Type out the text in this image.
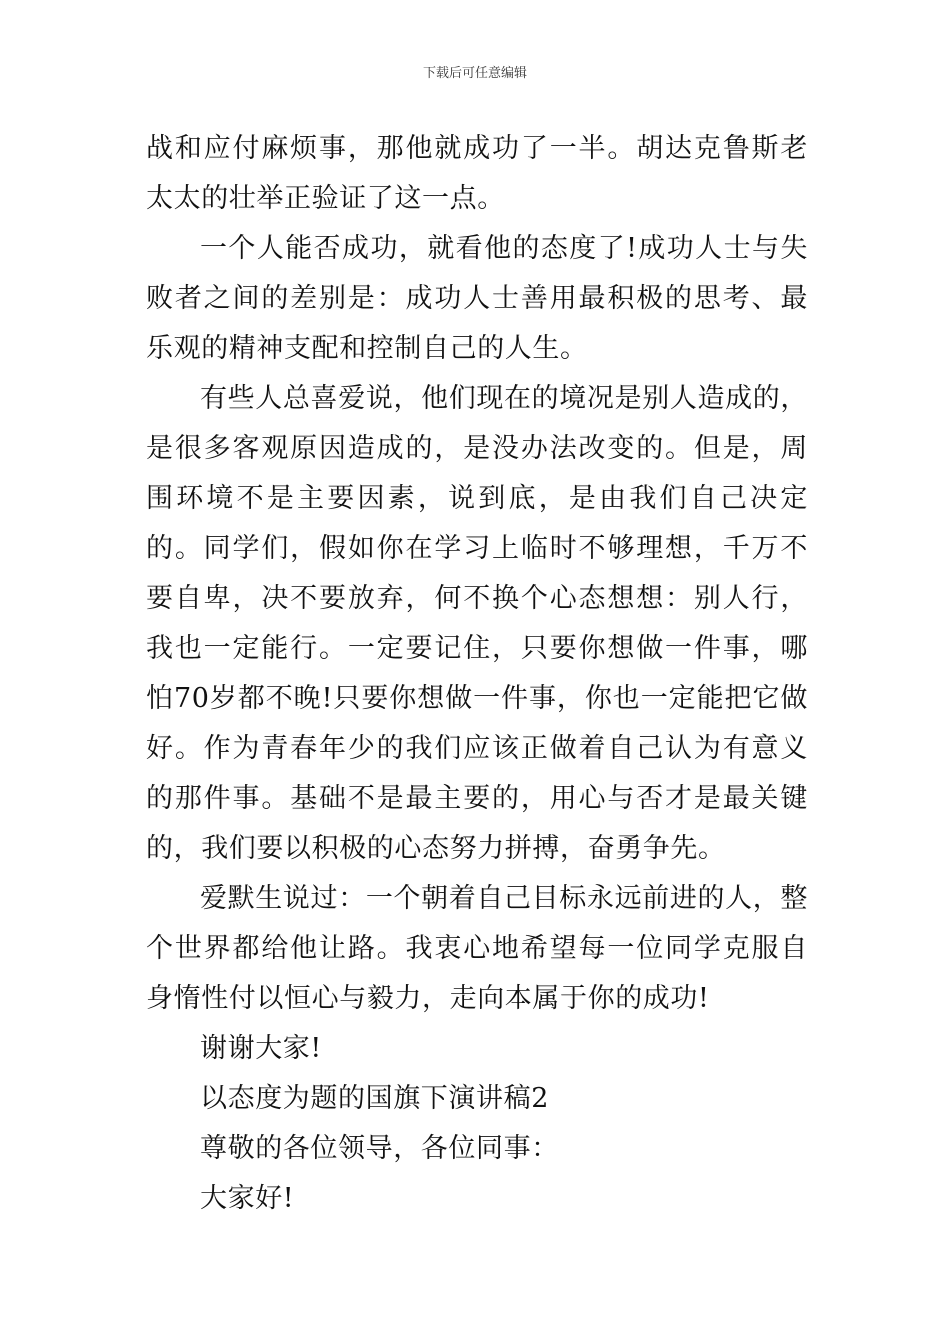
下载后可任意编辑

战和应付麻烦事，那他就成功了一半。胡达克鲁斯老太太的壮举正验证了这一点。

一个人能否成功，就看他的态度了!成功人士与失败者之间的差别是：成功人士善用最积极的思考、最乐观的精神支配和控制自己的人生。

有些人总喜爱说，他们现在的境况是别人造成的，是很多客观原因造成的，是没办法改变的。但是，周围环境不是主要因素，说到底，是由我们自己决定的。同学们，假如你在学习上临时不够理想，千万不要自卑，决不要放弃，何不换个心态想想：别人行，我也一定能行。一定要记住，只要你想做一件事，哪怕70岁都不晚!只要你想做一件事，你也一定能把它做好。作为青春年少的我们应该正做着自己认为有意义的那件事。基础不是最主要的，用心与否才是最关键的，我们要以积极的心态努力拼搏，奋勇争先。

爱默生说过：一个朝着自己目标永远前进的人，整个世界都给他让路。我衷心地希望每一位同学克服自身惰性付以恒心与毅力，走向本属于你的成功!

谢谢大家!

以态度为题的国旗下演讲稿2

尊敬的各位领导，各位同事：

大家好!
